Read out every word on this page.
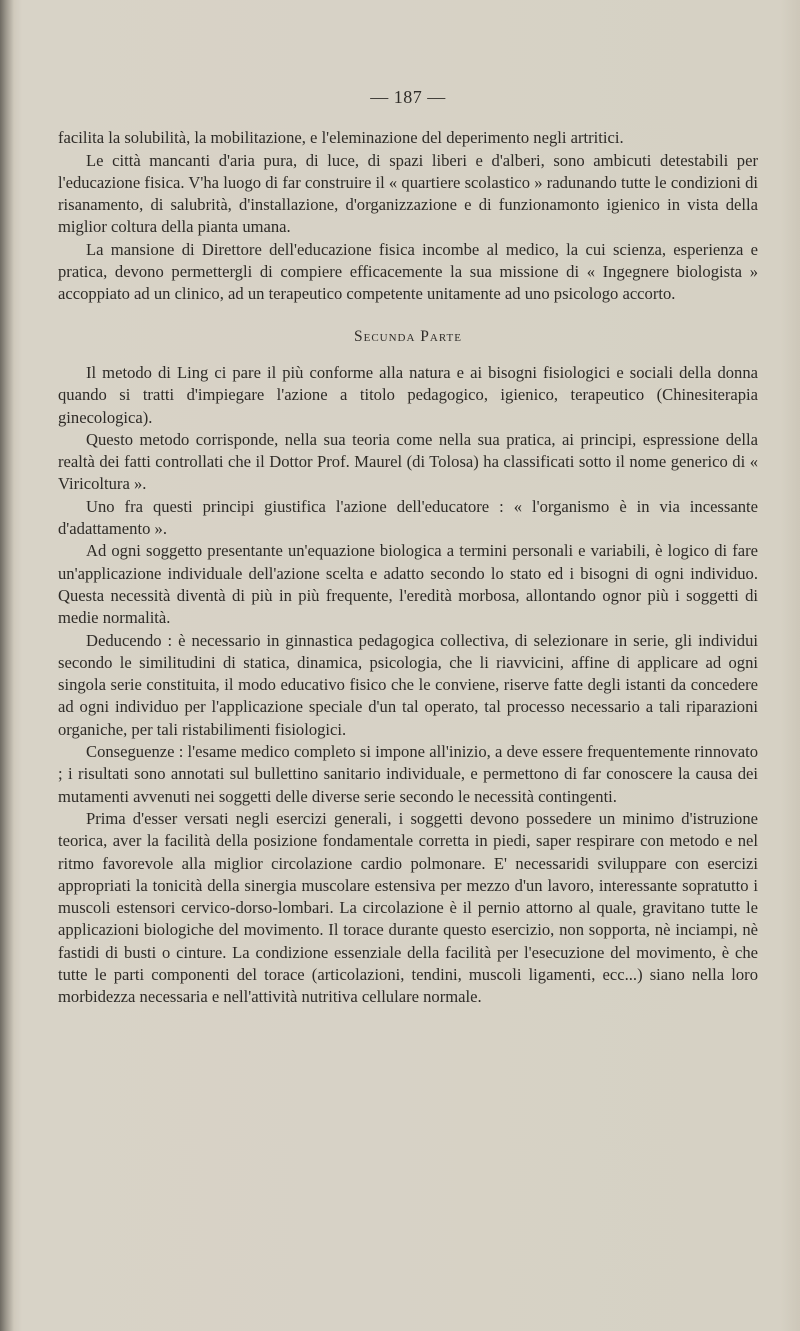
— 187 —

facilita la solubilità, la mobilitazione, e l'eleminazione del deperimento negli artritici.

Le città mancanti d'aria pura, di luce, di spazi liberi e d'alberi, sono ambicuti detestabili per l'educazione fisica. V'ha luogo di far construire il « quartiere scolastico » radunando tutte le condizioni di risanamento, di salubrità, d'installazione, d'organizzazione e di funzionamonto igienico in vista della miglior coltura della pianta umana.

La mansione di Direttore dell'educazione fisica incombe al medico, la cui scienza, esperienza e pratica, devono permettergli di compiere efficacemente la sua missione di « Ingegnere biologista » accoppiato ad un clinico, ad un terapeutico competente unitamente ad uno psicologo accorto.

Secunda Parte

Il metodo di Ling ci pare il più conforme alla natura e ai bisogni fisiologici e sociali della donna quando si tratti d'impiegare l'azione a titolo pedagogico, igienico, terapeutico (Chinesiterapia ginecologica).

Questo metodo corrisponde, nella sua teoria come nella sua pratica, ai principi, espressione della realtà dei fatti controllati che il Dottor Prof. Maurel (di Tolosa) ha classificati sotto il nome generico di « Viricoltura ».

Uno fra questi principi giustifica l'azione dell'educatore : « l'organismo è in via incessante d'adattamento ».

Ad ogni soggetto presentante un'equazione biologica a termini personali e variabili, è logico di fare un'applicazione individuale dell'azione scelta e adatto secondo lo stato ed i bisogni di ogni individuo. Questa necessità diventà di più in più frequente, l'eredità morbosa, allontando ognor più i soggetti di medie normalità.

Deducendo : è necessario in ginnastica pedagogica collectiva, di selezionare in serie, gli individui secondo le similitudini di statica, dinamica, psicologia, che li riavvicini, affine di applicare ad ogni singola serie constituita, il modo educativo fisico che le conviene, riserve fatte degli istanti da concedere ad ogni individuo per l'applicazione speciale d'un tal operato, tal processo necessario a tali riparazioni organiche, per tali ristabilimenti fisiologici.

Conseguenze : l'esame medico completo si impone all'inizio, a deve essere frequentemente rinnovato ; i risultati sono annotati sul bullettino sanitario individuale, e permettono di far conoscere la causa dei mutamenti avvenuti nei soggetti delle diverse serie secondo le necessità contingenti.

Prima d'esser versati negli esercizi generali, i soggetti devono possedere un minimo d'istruzione teorica, aver la facilità della posizione fondamentale corretta in piedi, saper respirare con metodo e nel ritmo favorevole alla miglior circolazione cardio polmonare. E' necessaridi sviluppare con esercizi appropriati la tonicità della sinergia muscolare estensiva per mezzo d'un lavoro, interessante sopratutto i muscoli estensori cervico-dorso-lombari. La circolazione è il pernio attorno al quale, gravitano tutte le applicazioni biologiche del movimento. Il torace durante questo esercizio, non sopporta, nè inciampi, nè fastidi di busti o cinture. La condizione essenziale della facilità per l'esecuzione del movimento, è che tutte le parti componenti del torace (articolazioni, tendini, muscoli ligamenti, ecc...) siano nella loro morbidezza necessaria e nell'attività nutritiva cellulare normale.
